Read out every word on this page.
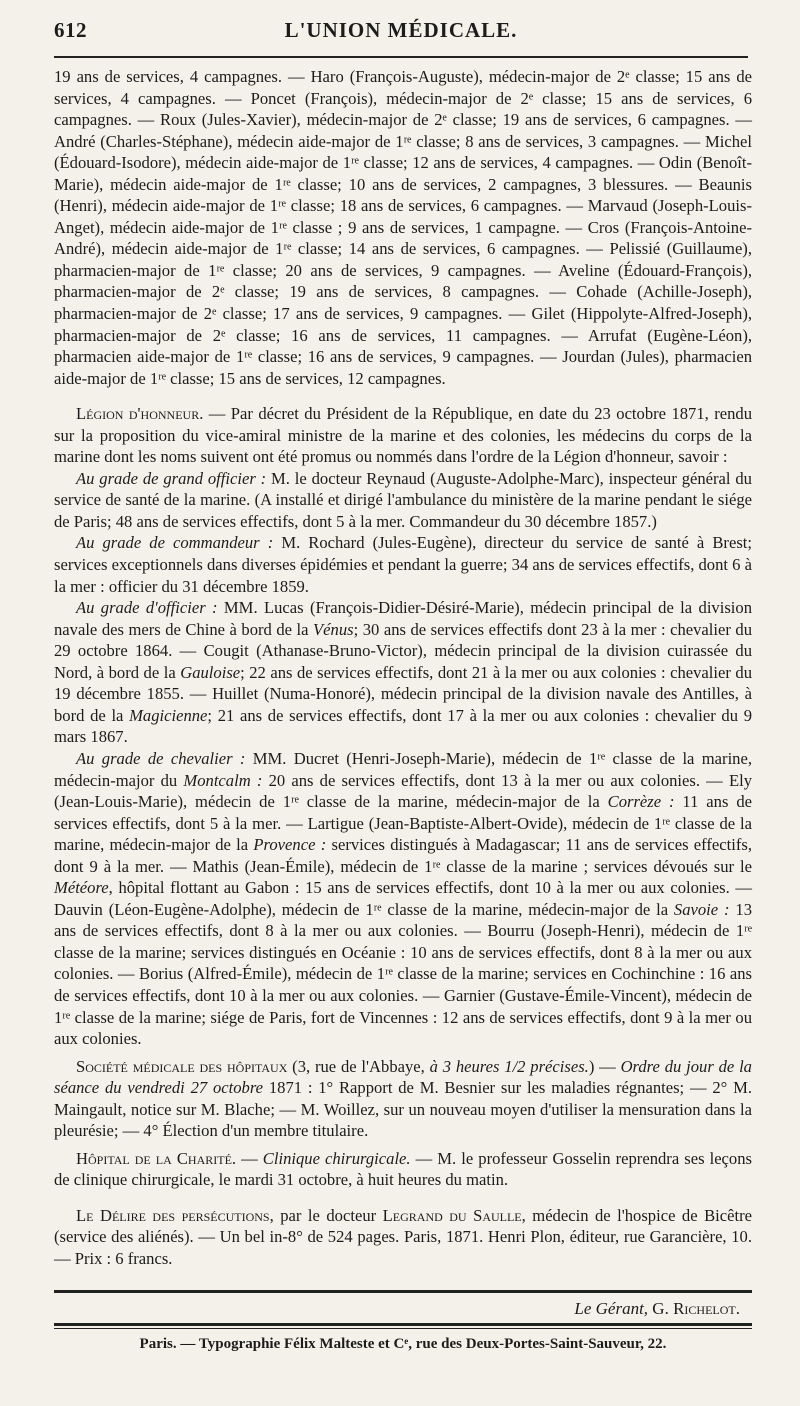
612	L'UNION MÉDICALE.

19 ans de services, 4 campagnes. — Haro (François-Auguste), médecin-major de 2ᵉ classe; 15 ans de services, 4 campagnes. — Poncet (François), médecin-major de 2ᵉ classe; 15 ans de services, 6 campagnes. — Roux (Jules-Xavier), médecin-major de 2ᵉ classe; 19 ans de services, 6 campagnes. — André (Charles-Stéphane), médecin aide-major de 1ʳᵉ classe; 8 ans de services, 3 campagnes. — Michel (Édouard-Isodore), médecin aide-major de 1ʳᵉ classe; 12 ans de services, 4 campagnes. — Odin (Benoît-Marie), médecin aide-major de 1ʳᵉ classe; 10 ans de services, 2 campagnes, 3 blessures. — Beaunis (Henri), médecin aide-major de 1ʳᵉ classe; 18 ans de services, 6 campagnes. — Marvaud (Joseph-Louis-Anget), médecin aide-major de 1ʳᵉ classe ; 9 ans de services, 1 campagne. — Cros (François-Antoine-André), médecin aide-major de 1ʳᵉ classe; 14 ans de services, 6 campagnes. — Pelissié (Guillaume), pharmacien-major de 1ʳᵉ classe; 20 ans de services, 9 campagnes. — Aveline (Édouard-François), pharmacien-major de 2ᵉ classe; 19 ans de services, 8 campagnes. — Cohade (Achille-Joseph), pharmacien-major de 2ᵉ classe; 17 ans de services, 9 campagnes. — Gilet (Hippolyte-Alfred-Joseph), pharmacien-major de 2ᵉ classe; 16 ans de services, 11 campagnes. — Arrufat (Eugène-Léon), pharmacien aide-major de 1ʳᵉ classe; 16 ans de services, 9 campagnes. — Jourdan (Jules), pharmacien aide-major de 1ʳᵉ classe; 15 ans de services, 12 campagnes.

Légion d'honneur. — Par décret du Président de la République, en date du 23 octobre 1871, rendu sur la proposition du vice-amiral ministre de la marine et des colonies, les médecins du corps de la marine dont les noms suivent ont été promus ou nommés dans l'ordre de la Légion d'honneur, savoir :

Au grade de grand officier : M. le docteur Reynaud (Auguste-Adolphe-Marc), inspecteur général du service de santé de la marine. (A installé et dirigé l'ambulance du ministère de la marine pendant le siége de Paris; 48 ans de services effectifs, dont 5 à la mer. Commandeur du 30 décembre 1857.)

Au grade de commandeur : M. Rochard (Jules-Eugène), directeur du service de santé à Brest; services exceptionnels dans diverses épidémies et pendant la guerre; 34 ans de services effectifs, dont 6 à la mer : officier du 31 décembre 1859.

Au grade d'officier : MM. Lucas (François-Didier-Désiré-Marie), médecin principal de la division navale des mers de Chine à bord de la Vénus; 30 ans de services effectifs dont 23 à la mer : chevalier du 29 octobre 1864. — Cougit (Athanase-Bruno-Victor), médecin principal de la division cuirassée du Nord, à bord de la Gauloise; 22 ans de services effectifs, dont 21 à la mer ou aux colonies : chevalier du 19 décembre 1855. — Huillet (Numa-Honoré), médecin principal de la division navale des Antilles, à bord de la Magicienne; 21 ans de services effectifs, dont 17 à la mer ou aux colonies : chevalier du 9 mars 1867.

Au grade de chevalier : MM. Ducret (Henri-Joseph-Marie), médecin de 1ʳᵉ classe de la marine, médecin-major du Montcalm : 20 ans de services effectifs, dont 13 à la mer ou aux colonies. — Ely (Jean-Louis-Marie), médecin de 1ʳᵉ classe de la marine, médecin-major de la Corrèze : 11 ans de services effectifs, dont 5 à la mer. — Lartigue (Jean-Baptiste-Albert-Ovide), médecin de 1ʳᵉ classe de la marine, médecin-major de la Provence : services distingués à Madagascar; 11 ans de services effectifs, dont 9 à la mer. — Mathis (Jean-Émile), médecin de 1ʳᵉ classe de la marine ; services dévoués sur le Météore, hôpital flottant au Gabon : 15 ans de services effectifs, dont 10 à la mer ou aux colonies. — Dauvin (Léon-Eugène-Adolphe), médecin de 1ʳᵉ classe de la marine, médecin-major de la Savoie : 13 ans de services effectifs, dont 8 à la mer ou aux colonies. — Bourru (Joseph-Henri), médecin de 1ʳᵉ classe de la marine; services distingués en Océanie : 10 ans de services effectifs, dont 8 à la mer ou aux colonies. — Borius (Alfred-Émile), médecin de 1ʳᵉ classe de la marine; services en Cochinchine : 16 ans de services effectifs, dont 10 à la mer ou aux colonies. — Garnier (Gustave-Émile-Vincent), médecin de 1ʳᵉ classe de la marine; siége de Paris, fort de Vincennes : 12 ans de services effectifs, dont 9 à la mer ou aux colonies.

Société médicale des hôpitaux (3, rue de l'Abbaye, à 3 heures 1/2 précises.) — Ordre du jour de la séance du vendredi 27 octobre 1871 : 1° Rapport de M. Besnier sur les maladies régnantes; — 2° M. Maingault, notice sur M. Blache; — M. Woillez, sur un nouveau moyen d'utiliser la mensuration dans la pleurésie; — 4° Élection d'un membre titulaire.

Hôpital de la Charité. — Clinique chirurgicale. — M. le professeur Gosselin reprendra ses leçons de clinique chirurgicale, le mardi 31 octobre, à huit heures du matin.

Le Délire des persécutions, par le docteur Legrand du Saulle, médecin de l'hospice de Bicêtre (service des aliénés). — Un bel in-8° de 524 pages. Paris, 1871. Henri Plon, éditeur, rue Garancière, 10. — Prix : 6 francs.

Le Gérant, G. Richelot.
Paris. — Typographie Félix Malteste et Cᵉ, rue des Deux-Portes-Saint-Sauveur, 22.
